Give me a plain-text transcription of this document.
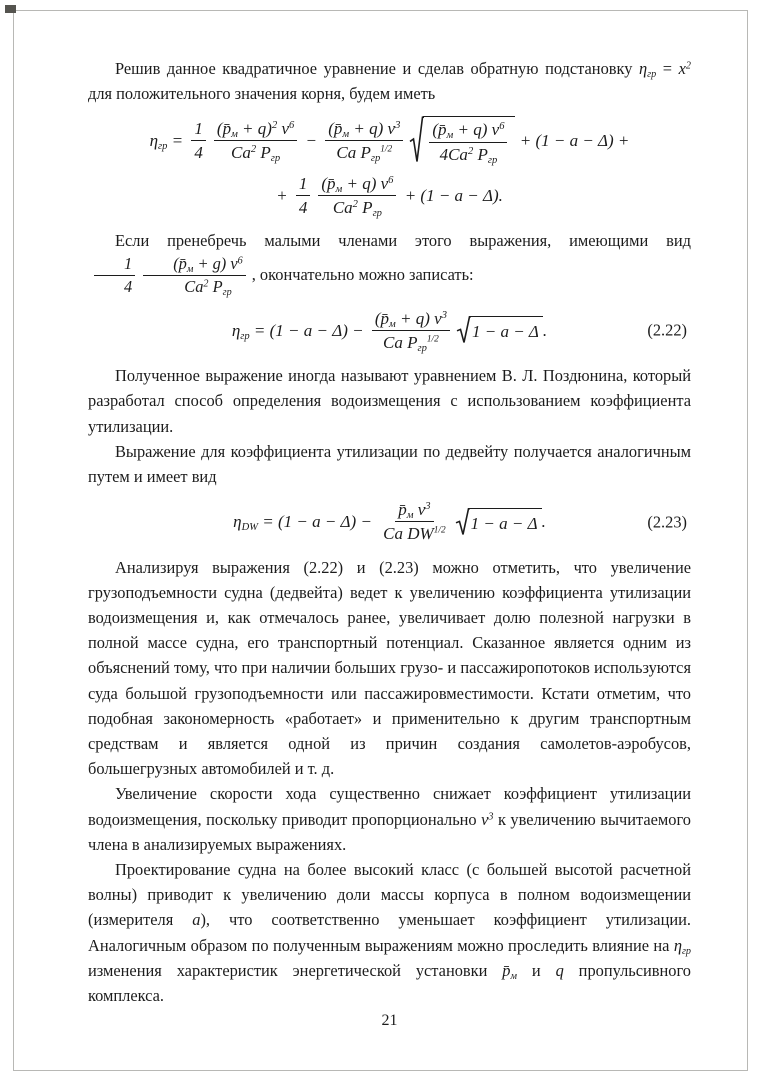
Решив данное квадратичное уравнение и сделав обратную подстановку $\eta_{гр} = x^2$ для положительного значения корня, будем иметь

$\eta_{гр} = \frac{1}{4} \frac{(p̄_м + q)^2 v^6}{Ca^2 P_{гр}} - \frac{(p̄_м + q) v^3}{Ca P_{гр}^{1/2}} \frac{(p̄_м + q) v^6}{4Ca^2 P_{гр}} + (1 - a - \Delta)$ +
+ $\frac{1}{4} \frac{(p̄_м + q) v^6}{Ca^2 P_{гр}} + (1 - a - \Delta)$.

Если пренебречь малыми членами этого выражения, имеющими вид
$\frac{1}{4} \frac{(p̄_м + g) v^6}{Ca^2 P_{гр}}$ , окончательно можно записать:

$\eta_{гр} = (1 - a - \Delta) - \frac{(p̄_м + q) v^3}{Ca P_{гр}^{1/2}} 1 - a - \Delta$ .	(2.22)

Полученное выражение иногда называют уравнением В. Л. Поздюнина, который разработал способ определения водоизмещения с использованием коэффициента утилизации.

Выражение для коэффициента утилизации по дедвейту получается аналогичным путем и имеет вид

$\eta_{DW} = (1 - a - \Delta) - \frac{p̄_м v^3}{Ca DW^{1/2}} 1 - a - \Delta$ .	(2.23)

Анализируя выражения (2.22) и (2.23) можно отметить, что увеличение грузоподъемности судна (дедвейта) ведет к увеличению коэффициента утилизации водоизмещения и, как отмечалось ранее, увеличивает долю полезной нагрузки в полной массе судна, его транспортный потенциал. Сказанное является одним из объяснений тому, что при наличии больших грузо- и пассажиропотоков используются суда большой грузоподъемности или пассажировместимости. Кстати отметим, что подобная закономерность «работает» и применительно к другим транспортным средствам и является одной из причин создания самолетов-аэробусов, большегрузных автомобилей и т. д.

Увеличение скорости хода существенно снижает коэффициент утилизации водоизмещения, поскольку приводит пропорционально $v^3$ к увеличению вычитаемого члена в анализируемых выражениях.

Проектирование судна на более высокий класс (с большей высотой расчетной волны) приводит к увеличению доли массы корпуса в полном водоизмещении (измерителя a), что соответственно уменьшает коэффициент утилизации. Аналогичным образом по полученным выражениям можно проследить влияние на $\eta_{гр}$ изменения характеристик энергетической установки $p̄_м$ и q пропульсивного комплекса.

21
